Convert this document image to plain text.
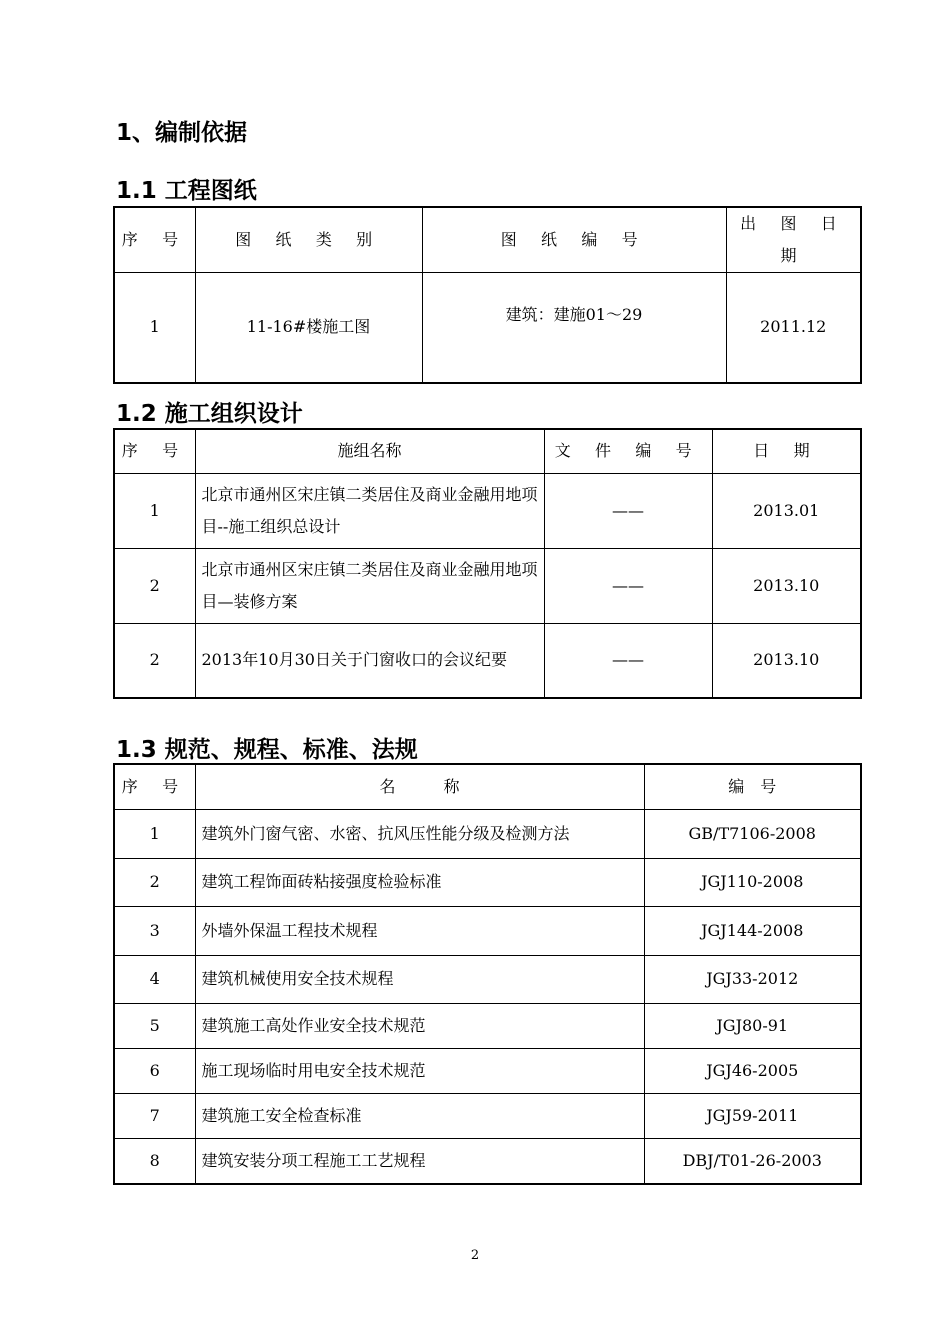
1、编制依据
1.1 工程图纸
序 号	图 纸 类 别	图 纸 编 号	出 图 日 期
1	11-16#楼施工图	建筑：建施01～29	2011.12
1.2 施工组织设计
序 号	施组名称	文 件 编 号	日 期
1	北京市通州区宋庄镇二类居住及商业金融用地项目--施工组织总设计	——	2013.01
2	北京市通州区宋庄镇二类居住及商业金融用地项目—装修方案	——	2013.10
2	2013年10月30日关于门窗收口的会议纪要	——	2013.10
1.3 规范、规程、标准、法规
序 号	名　　　称	编　号
1	建筑外门窗气密、水密、抗风压性能分级及检测方法	GB/T7106-2008
2	建筑工程饰面砖粘接强度检验标准	JGJ110-2008
3	外墙外保温工程技术规程	JGJ144-2008
4	建筑机械使用安全技术规程	JGJ33-2012
5	建筑施工高处作业安全技术规范	JGJ80-91
6	施工现场临时用电安全技术规范	JGJ46-2005
7	建筑施工安全检查标准	JGJ59-2011
8	建筑安装分项工程施工工艺规程	DBJ/T01-26-2003
2
